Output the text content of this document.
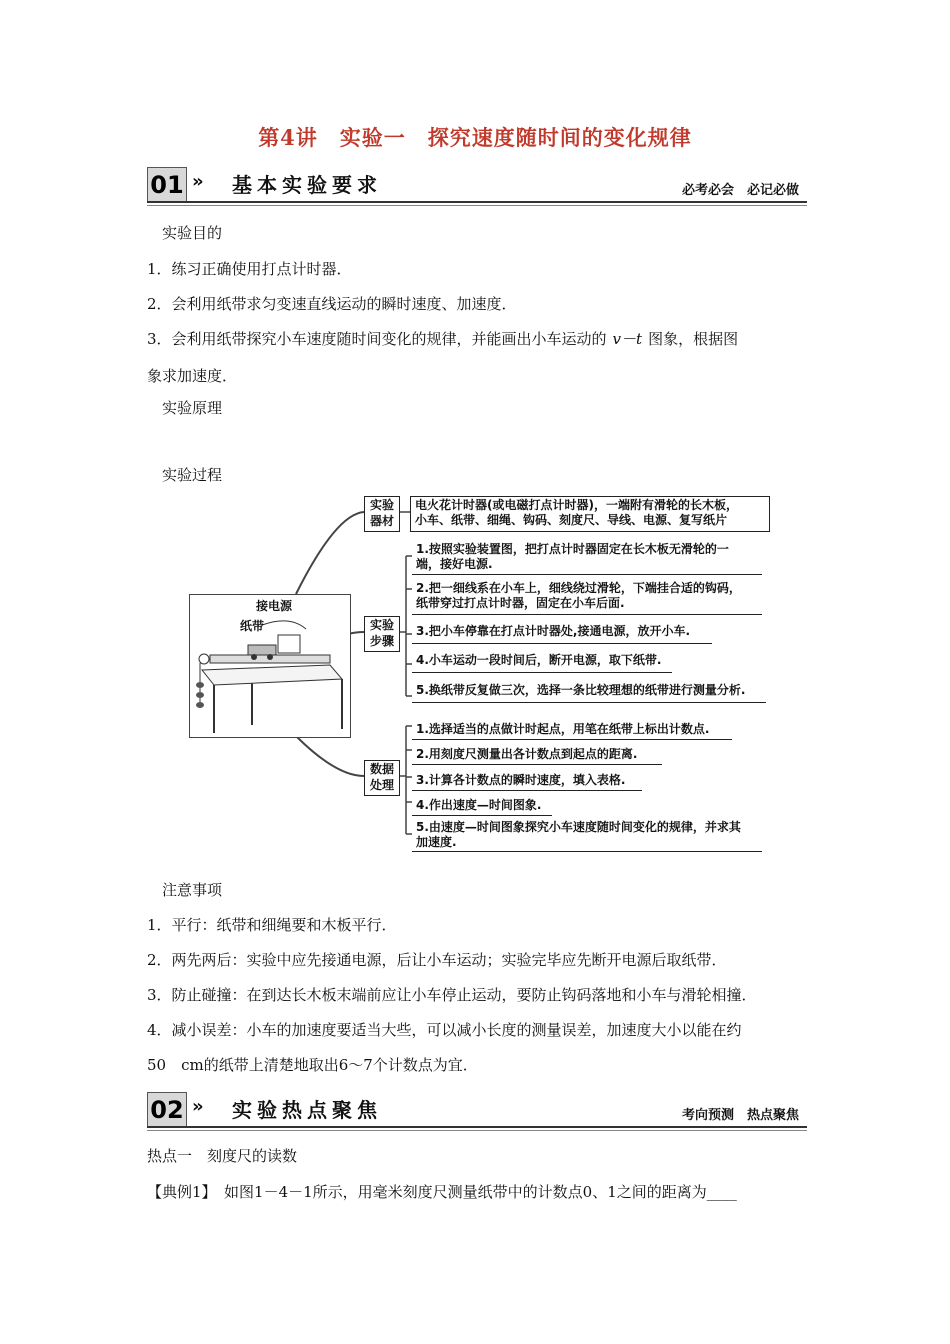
第4讲　实验一　探究速度随时间的变化规律
01 » 基本实验要求	必考必会　必记必做
实验目的
1．练习正确使用打点计时器．
2．会利用纸带求匀变速直线运动的瞬时速度、加速度．
3．会利用纸带探究小车速度随时间变化的规律，并能画出小车运动的 v－t 图象，根据图
象求加速度．
实验原理
实验过程
接电源
纸带
实验
器材
电火花计时器(或电磁打点计时器)，一端附有滑轮的长木板，
小车、纸带、细绳、钩码、刻度尺、导线、电源、复写纸片
实验
步骤
1.按照实验装置图，把打点计时器固定在长木板无滑轮的一
端，接好电源.
2.把一细线系在小车上，细线绕过滑轮，下端挂合适的钩码，
纸带穿过打点计时器，固定在小车后面.
3.把小车停靠在打点计时器处,接通电源，放开小车.
4.小车运动一段时间后，断开电源，取下纸带.
5.换纸带反复做三次，选择一条比较理想的纸带进行测量分析.
数据
处理
1.选择适当的点做计时起点，用笔在纸带上标出计数点.
2.用刻度尺测量出各计数点到起点的距离.
3.计算各计数点的瞬时速度，填入表格.
4.作出速度—时间图象.
5.由速度—时间图象探究小车速度随时间变化的规律，并求其
加速度.
注意事项
1．平行：纸带和细绳要和木板平行．
2．两先两后：实验中应先接通电源，后让小车运动；实验完毕应先断开电源后取纸带．
3．防止碰撞：在到达长木板末端前应让小车停止运动，要防止钩码落地和小车与滑轮相撞．
4．减小误差：小车的加速度要适当大些，可以减小长度的测量误差，加速度大小以能在约
50　cm的纸带上清楚地取出6～7个计数点为宜．
02 » 实验热点聚焦	考向预测　热点聚焦
热点一　刻度尺的读数
【典例1】　如图1－4－1所示，用毫米刻度尺测量纸带中的计数点0、1之间的距离为____
